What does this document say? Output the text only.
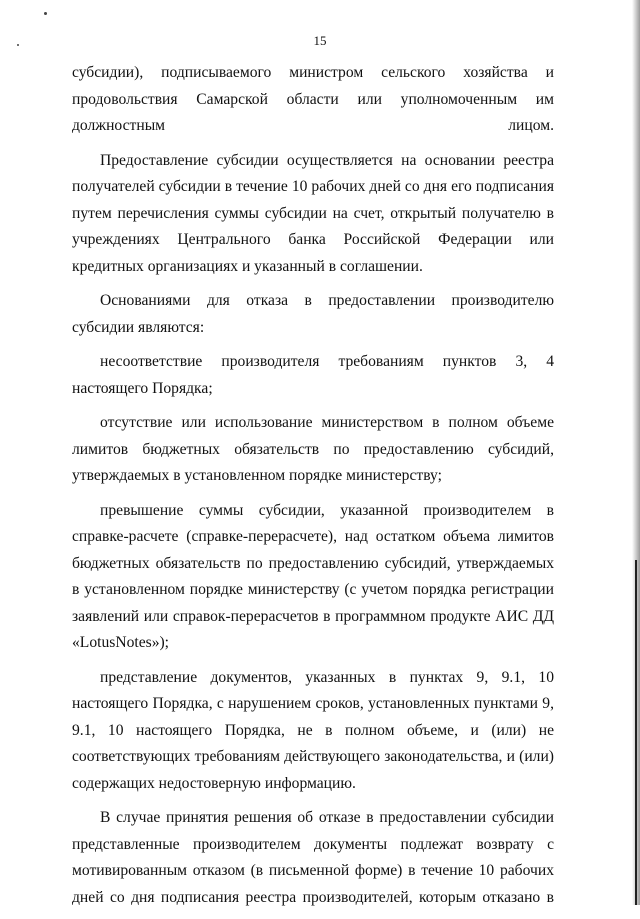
15

субсидии), подписываемого министром сельского хозяйства и продовольствия Самарской области или уполномоченным им должностным лицом.

Предоставление субсидии осуществляется на основании реестра получателей субсидии в течение 10 рабочих дней со дня его подписания путем перечисления суммы субсидии на счет, открытый получателю в учреждениях Центрального банка Российской Федерации или кредитных организациях и указанный в соглашении.

Основаниями для отказа в предоставлении производителю субсидии являются:

несоответствие производителя требованиям пунктов 3, 4 настоящего Порядка;

отсутствие или использование министерством в полном объеме лимитов бюджетных обязательств по предоставлению субсидий, утверждаемых в установленном порядке министерству;

превышение суммы субсидии, указанной производителем в справке-расчете (справке-перерасчете), над остатком объема лимитов бюджетных обязательств по предоставлению субсидий, утверждаемых в установленном порядке министерству (с учетом порядка регистрации заявлений или справок-перерасчетов в программном продукте АИС ДД «LotusNotes»);

представление документов, указанных в пунктах 9, 9.1, 10 настоящего Порядка, с нарушением сроков, установленных пунктами 9, 9.1, 10 настоящего Порядка, не в полном объеме, и (или) не соответствующих требованиям действующего законодательства, и (или) содержащих недостоверную информацию.

В случае принятия решения об отказе в предоставлении субсидии представленные производителем документы подлежат возврату с мотивированным отказом (в письменной форме) в течение 10 рабочих дней со дня подписания реестра производителей, которым отказано в
